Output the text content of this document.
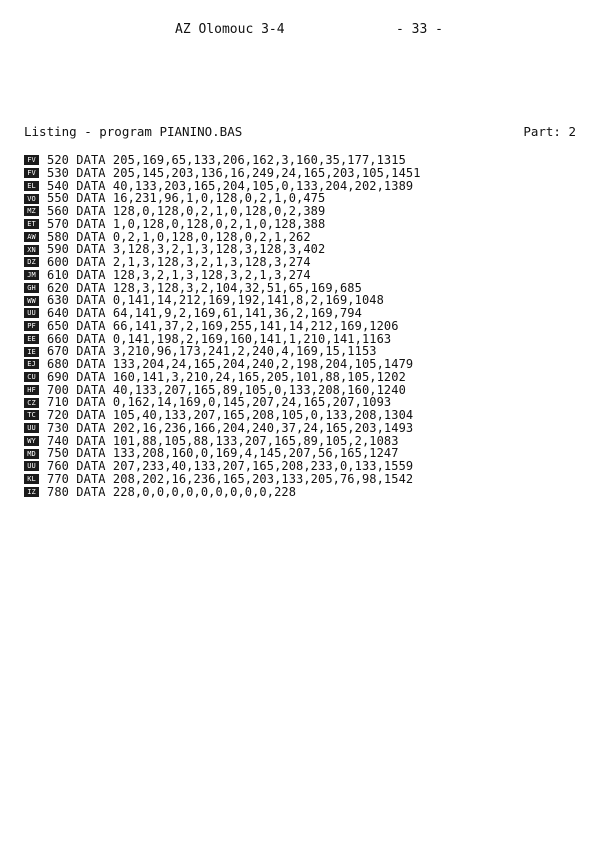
AZ Olomouc 3-4	- 33 -
Listing - program PIANINO.BAS	Part: 2
FV 520 DATA 205,169,65,133,206,162,3,160,35,177,1315
FV 530 DATA 205,145,203,136,16,249,24,165,203,105,1451
EL 540 DATA 40,133,203,165,204,105,0,133,204,202,1389
VO 550 DATA 16,231,96,1,0,128,0,2,1,0,475
MZ 560 DATA 128,0,128,0,2,1,0,128,0,2,389
ET 570 DATA 1,0,128,0,128,0,2,1,0,128,388
AW 580 DATA 0,2,1,0,128,0,128,0,2,1,262
XN 590 DATA 3,128,3,2,1,3,128,3,128,3,402
DZ 600 DATA 2,1,3,128,3,2,1,3,128,3,274
JM 610 DATA 128,3,2,1,3,128,3,2,1,3,274
GH 620 DATA 128,3,128,3,2,104,32,51,65,169,685
WW 630 DATA 0,141,14,212,169,192,141,8,2,169,1048
UU 640 DATA 64,141,9,2,169,61,141,36,2,169,794
PF 650 DATA 66,141,37,2,169,255,141,14,212,169,1206
EE 660 DATA 0,141,198,2,169,160,141,1,210,141,1163
IE 670 DATA 3,210,96,173,241,2,240,4,169,15,1153
EJ 680 DATA 133,204,24,165,204,240,2,198,204,105,1479
CU 690 DATA 160,141,3,210,24,165,205,101,88,105,1202
HF 700 DATA 40,133,207,165,89,105,0,133,208,160,1240
CZ 710 DATA 0,162,14,169,0,145,207,24,165,207,1093
TC 720 DATA 105,40,133,207,165,208,105,0,133,208,1304
UU 730 DATA 202,16,236,166,204,240,37,24,165,203,1493
WY 740 DATA 101,88,105,88,133,207,165,89,105,2,1083
MD 750 DATA 133,208,160,0,169,4,145,207,56,165,1247
UU 760 DATA 207,233,40,133,207,165,208,233,0,133,1559
KL 770 DATA 208,202,16,236,165,203,133,205,76,98,1542
IZ 780 DATA 228,0,0,0,0,0,0,0,0,0,228
